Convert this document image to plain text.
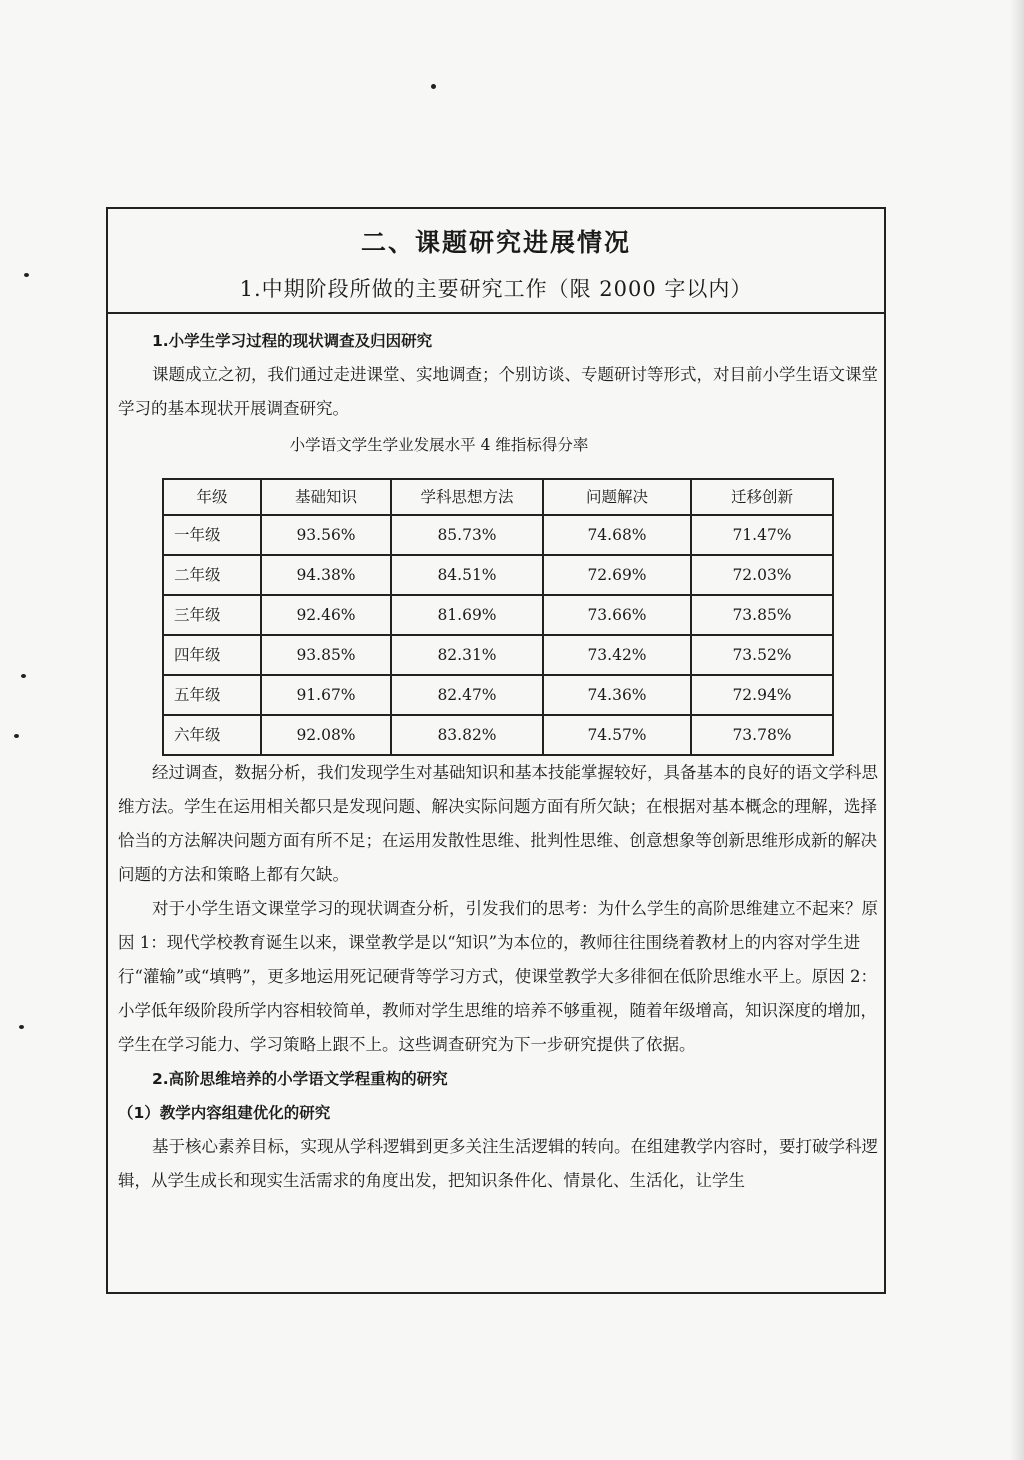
二、课题研究进展情况
1.中期阶段所做的主要研究工作（限 2000 字以内）

1.小学生学习过程的现状调查及归因研究

课题成立之初，我们通过走进课堂、实地调查；个别访谈、专题研讨等形式，对目前小学生语文课堂学习的基本现状开展调查研究。

小学语文学生学业发展水平 4 维指标得分率
年级	基础知识	学科思想方法	问题解决	迁移创新
一年级	93.56%	85.73%	74.68%	71.47%
二年级	94.38%	84.51%	72.69%	72.03%
三年级	92.46%	81.69%	73.66%	73.85%
四年级	93.85%	82.31%	73.42%	73.52%
五年级	91.67%	82.47%	74.36%	72.94%
六年级	92.08%	83.82%	74.57%	73.78%

经过调查，数据分析，我们发现学生对基础知识和基本技能掌握较好，具备基本的良好的语文学科思维方法。学生在运用相关都只是发现问题、解决实际问题方面有所欠缺；在根据对基本概念的理解，选择恰当的方法解决问题方面有所不足；在运用发散性思维、批判性思维、创意想象等创新思维形成新的解决问题的方法和策略上都有欠缺。

对于小学生语文课堂学习的现状调查分析，引发我们的思考：为什么学生的高阶思维建立不起来？原因 1：现代学校教育诞生以来，课堂教学是以“知识”为本位的，教师往往围绕着教材上的内容对学生进行“灌输”或“填鸭”，更多地运用死记硬背等学习方式，使课堂教学大多徘徊在低阶思维水平上。原因 2：小学低年级阶段所学内容相较简单，教师对学生思维的培养不够重视，随着年级增高，知识深度的增加，学生在学习能力、学习策略上跟不上。这些调查研究为下一步研究提供了依据。

2.高阶思维培养的小学语文学程重构的研究

（1）教学内容组建优化的研究

基于核心素养目标，实现从学科逻辑到更多关注生活逻辑的转向。在组建教学内容时，要打破学科逻辑，从学生成长和现实生活需求的角度出发，把知识条件化、情景化、生活化，让学生
